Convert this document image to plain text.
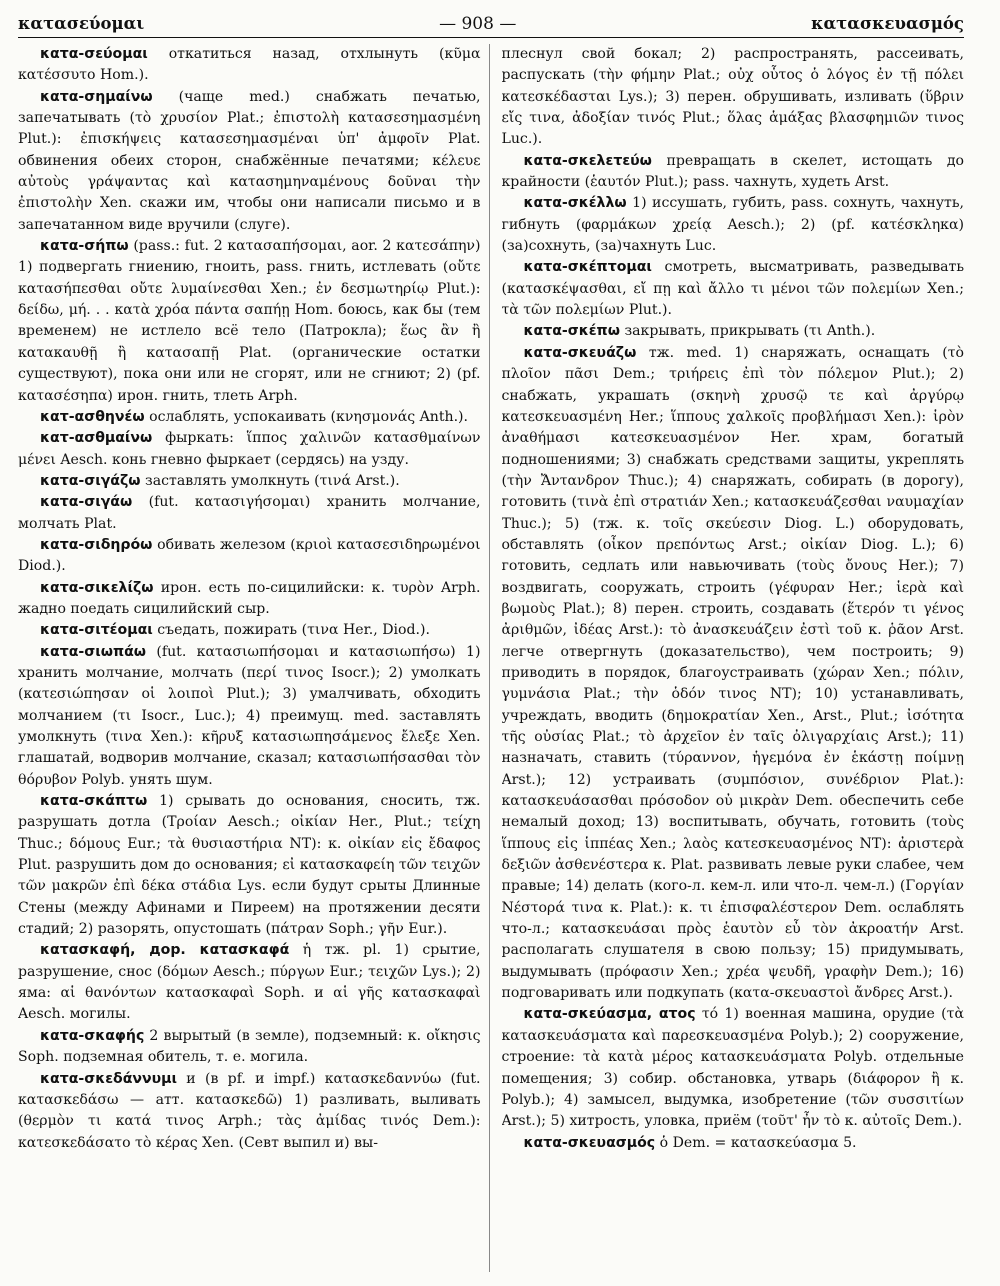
κατασεύομαι	— 908 —	κατασκευασμός

κατα-σεύομαι откатиться назад, отхлынуть (κῦμα κατέσσυτο Hom.).

κατα-σημαίνω (чаще med.) снабжать печатью, запечатывать (τὸ χρυσίον Plat.; ἐπιστολὴ κατασεσημασμένη Plut.): ἐπισκήψεις κατασεσημασμέναι ὑπ' ἀμφοῖν Plat. обвинения обеих сторон, снабжённые печатями; κέλευε αὐτοὺς γράψαντας καὶ κατασημηναμένους δοῦναι τὴν ἐπιστολὴν Xen. скажи им, чтобы они написали письмо и в запечатанном виде вручили (слуге).

κατα-σήπω (pass.: fut. 2 κατασαπήσομαι, aor. 2 κατεσάπην) 1) подвергать гниению, гноить, pass. гнить, истлевать (οὔτε κατασήπεσθαι οὔτε λυμαίνεσθαι Xen.; ἐν δεσμωτηρίῳ Plut.): δείδω, μή. . . κατὰ χρόα πάντα σαπήῃ Hom. боюсь, как бы (тем временем) не истлело всё тело (Патрокла); ἕως ἂν ἢ κατακαυθῇ ἢ κατασαπῇ Plat. (органические остатки существуют), пока они или не сгорят, или не сгниют; 2) (pf. κατασέσηπα) ирон. гнить, тлеть Arph.

κατ-ασθηνέω ослаблять, успокаивать (κνησμονάς Anth.).

κατ-ασθμαίνω фыркать: ἵππος χαλινῶν κατασθμαίνων μένει Aesch. конь гневно фыркает (сердясь) на узду.

κατα-σιγάζω заставлять умолкнуть (τινά Arst.).

κατα-σιγάω (fut. κατασιγήσομαι) хранить молчание, молчать Plat.

κατα-σιδηρόω обивать железом (κριοὶ κατασεσιδηρωμένοι Diod.).

κατα-σικελίζω ирон. есть по-сицилийски: κ. τυρὸν Arph. жадно поедать сицилийский сыр.

κατα-σιτέομαι съедать, пожирать (τινα Her., Diod.).

κατα-σιωπάω (fut. κατασιωπήσομαι и κατασιωπήσω) 1) хранить молчание, молчать (περί τινος Isocr.); 2) умолкать (κατεσιώπησαν οἱ λοιποὶ Plut.); 3) умалчивать, обходить молчанием (τι Isocr., Luc.); 4) преимущ. med. заставлять умолкнуть (τινα Xen.): κῆρυξ κατασιωπησάμενος ἔλεξε Xen. глашатай, водворив молчание, сказал; κατασιωπήσασθαι τὸν θόρυβον Polyb. унять шум.

κατα-σκάπτω 1) срывать до основания, сносить, тж. разрушать дотла (Τροίαν Aesch.; οἰκίαν Her., Plut.; τείχη Thuc.; δόμους Eur.; τὰ θυσιαστήρια NT): κ. οἰκίαν εἰς ἔδαφος Plut. разрушить дом до основания; εἰ κατασκαφείη τῶν τειχῶν τῶν μακρῶν ἐπὶ δέκα στάδια Lys. если будут срыты Длинные Стены (между Афинами и Пиреем) на протяжении десяти стадий; 2) разорять, опустошать (πάτραν Soph.; γῆν Eur.).

κατασκαφή, дор. κατασκαφά ἡ тж. pl. 1) срытие, разрушение, снос (δόμων Aesch.; πύργων Eur.; τειχῶν Lys.); 2) яма: αἱ θανόντων κατασκαφαὶ Soph. и αἱ γῆς κατασκαφαὶ Aesch. могилы.

κατα-σκαφής 2 вырытый (в земле), подземный: κ. οἴκησις Soph. подземная обитель, т. е. могила.

κατα-σκεδάννυμι и (в pf. и impf.) κατασκεδαννύω (fut. κατασκεδάσω — атт. κατασκεδῶ) 1) разливать, выливать (θερμὸν τι κατά τινος Arph.; τὰς ἀμίδας τινός Dem.): κατεσκεδάσατο τὸ κέρας Xen. (Севт выпил и) вы-

плеснул свой бокал; 2) распространять, рассеивать, распускать (τὴν φήμην Plat.; οὐχ οὗτος ὁ λόγος ἐν τῇ πόλει κατεσκέδασται Lys.); 3) перен. обрушивать, изливать (ὕβριν εἴς τινα, ἀδοξίαν τινός Plut.; ὅλας ἁμάξας βλασφημιῶν τινος Luc.).

κατα-σκελετεύω превращать в скелет, истощать до крайности (ἑαυτόν Plut.); pass. чахнуть, худеть Arst.

κατα-σκέλλω 1) иссушать, губить, pass. сохнуть, чахнуть, гибнуть (φαρμάκων χρείᾳ Aesch.); 2) (pf. κατέσκληκα) (за)сохнуть, (за)чахнуть Luc.

κατα-σκέπτομαι смотреть, высматривать, разведывать (κατασκέψασθαι, εἴ πῃ καὶ ἄλλο τι μένοι τῶν πολεμίων Xen.; τὰ τῶν πολεμίων Plut.).

κατα-σκέπω закрывать, прикрывать (τι Anth.).

κατα-σκευάζω тж. med. 1) снаряжать, оснащать (τὸ πλοῖον πᾶσι Dem.; τριήρεις ἐπὶ τὸν πόλεμον Plut.); 2) снабжать, украшать (σκηνὴ χρυσῷ τε καὶ ἀργύρῳ κατεσκευασμένη Her.; ἵππους χαλκοῖς προβλήμασι Xen.): ἱρὸν ἀναθήμασι κατεσκευασμένον Her. храм, богатый подношениями; 3) снабжать средствами защиты, укреплять (τὴν Ἄντανδρον Thuc.); 4) снаряжать, собирать (в дорогу), готовить (τινὰ ἐπὶ στρατιάν Xen.; κατασκευάζεσθαι ναυμαχίαν Thuc.); 5) (тж. κ. τοῖς σκεύεσιν Diog. L.) оборудовать, обставлять (οἶκον πρεπόντως Arst.; οἰκίαν Diog. L.); 6) готовить, седлать или навьючивать (τοὺς ὄνους Her.); 7) воздвигать, сооружать, строить (γέφυραν Her.; ἱερὰ καὶ βωμοὺς Plat.); 8) перен. строить, создавать (ἕτερόν τι γένος ἀριθμῶν, ἰδέας Arst.): τὸ ἀνασκευάζειν ἐστὶ τοῦ κ. ῥᾶον Arst. легче отвергнуть (доказательство), чем построить; 9) приводить в порядок, благоустраивать (χώραν Xen.; πόλιν, γυμνάσια Plat.; τὴν ὁδόν τινος NT); 10) устанавливать, учреждать, вводить (δημοκρατίαν Xen., Arst., Plut.; ἰσότητα τῆς οὐσίας Plat.; τὸ ἀρχεῖον ἐν ταῖς ὀλιγαρχίαις Arst.); 11) назначать, ставить (τύραννον, ἡγεμόνα ἐν ἑκάστῃ ποίμνῃ Arst.); 12) устраивать (συμπόσιον, συνέδριον Plat.): κατασκευάσασθαι πρόσοδον οὐ μικρὰν Dem. обеспечить себе немалый доход; 13) воспитывать, обучать, готовить (τοὺς ἵππους εἰς ἱππέας Xen.; λαὸς κατεσκευασμένος NT): ἀριστερὰ δεξιῶν ἀσθενέστερα κ. Plat. развивать левые руки слабее, чем правые; 14) делать (кого-л. кем-л. или что-л. чем-л.) (Γοργίαν Νέστορά τινα κ. Plat.): κ. τι ἐπισφαλέστερον Dem. ослаблять что-л.; κατασκευάσαι πρὸς ἑαυτὸν εὖ τὸν ἀκροατήν Arst. располагать слушателя в свою пользу; 15) придумывать, выдумывать (πρόφασιν Xen.; χρέα ψευδῆ, γραφὴν Dem.); 16) подговаривать или подкупать (κατα-σκευαστοὶ ἄνδρες Arst.).

κατα-σκεύασμα, ατος τό 1) военная машина, орудие (τὰ κατασκευάσματα καὶ παρεσκευασμένα Polyb.); 2) сооружение, строение: τὰ κατὰ μέρος κατασκευάσματα Polyb. отдельные помещения; 3) собир. обстановка, утварь (διάφορον ἢ κ. Polyb.); 4) замысел, выдумка, изобретение (τῶν συσσιτίων Arst.); 5) хитрость, уловка, приём (τοῦτ' ἦν τὸ κ. αὐτοῖς Dem.).

κατα-σκευασμός ὁ Dem. = κατασκεύασμα 5.
